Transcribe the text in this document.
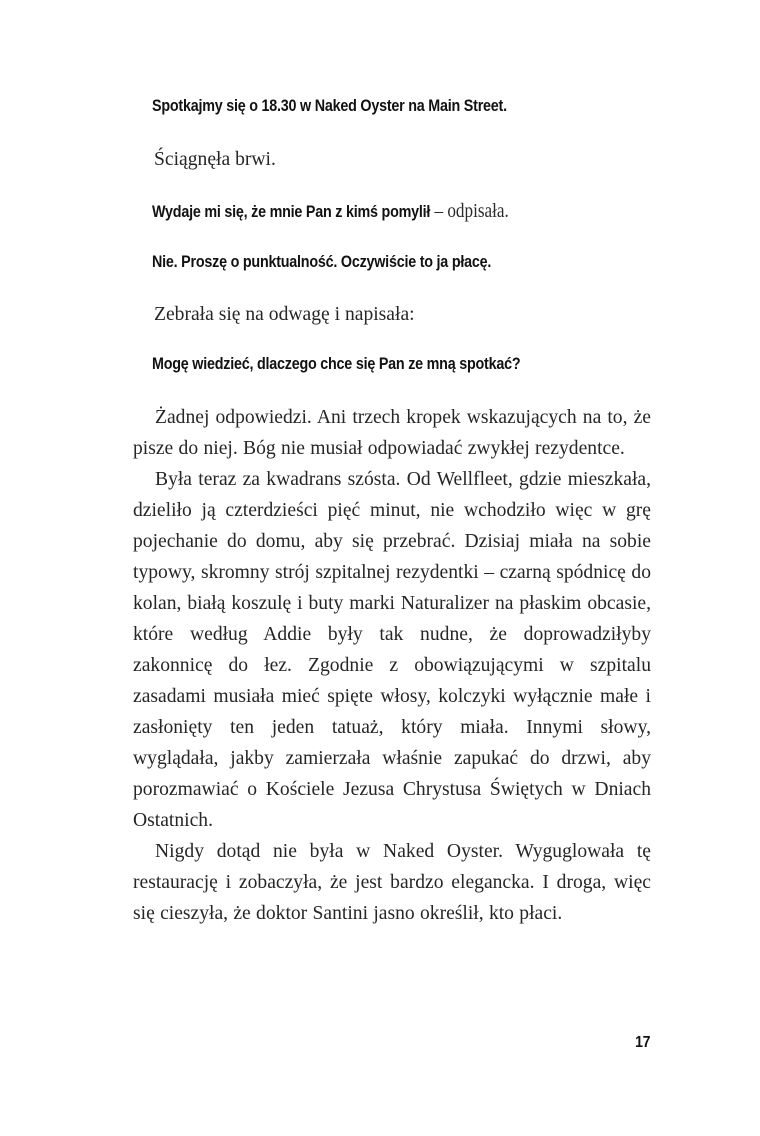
Spotkajmy się o 18.30 w Naked Oyster na Main Street.

Ściągnęła brwi.

Wydaje mi się, że mnie Pan z kimś pomylił – odpisała.

Nie. Proszę o punktualność. Oczywiście to ja płacę.

Zebrała się na odwagę i napisała:

Mogę wiedzieć, dlaczego chce się Pan ze mną spotkać?

Żadnej odpowiedzi. Ani trzech kropek wskazujących na to, że pisze do niej. Bóg nie musiał odpowiadać zwykłej rezydentce.

Była teraz za kwadrans szósta. Od Wellfleet, gdzie mieszkała, dzieliło ją czterdzieści pięć minut, nie wchodziło więc w grę pojechanie do domu, aby się przebrać. Dzisiaj miała na sobie typowy, skromny strój szpitalnej rezydentki – czarną spódnicę do kolan, białą koszulę i buty marki Naturalizer na płaskim obcasie, które według Addie były tak nudne, że doprowadziłyby zakonnicę do łez. Zgodnie z obowiązującymi w szpitalu zasadami musiała mieć spięte włosy, kolczyki wyłącznie małe i zasłonięty ten jeden tatuaż, który miała. Innymi słowy, wyglądała, jakby zamierzała właśnie zapukać do drzwi, aby porozmawiać o Kościele Jezusa Chrystusa Świętych w Dniach Ostatnich.

Nigdy dotąd nie była w Naked Oyster. Wyguglowała tę restaurację i zobaczyła, że jest bardzo elegancka. I droga, więc się cieszyła, że doktor Santini jasno określił, kto płaci.

17
